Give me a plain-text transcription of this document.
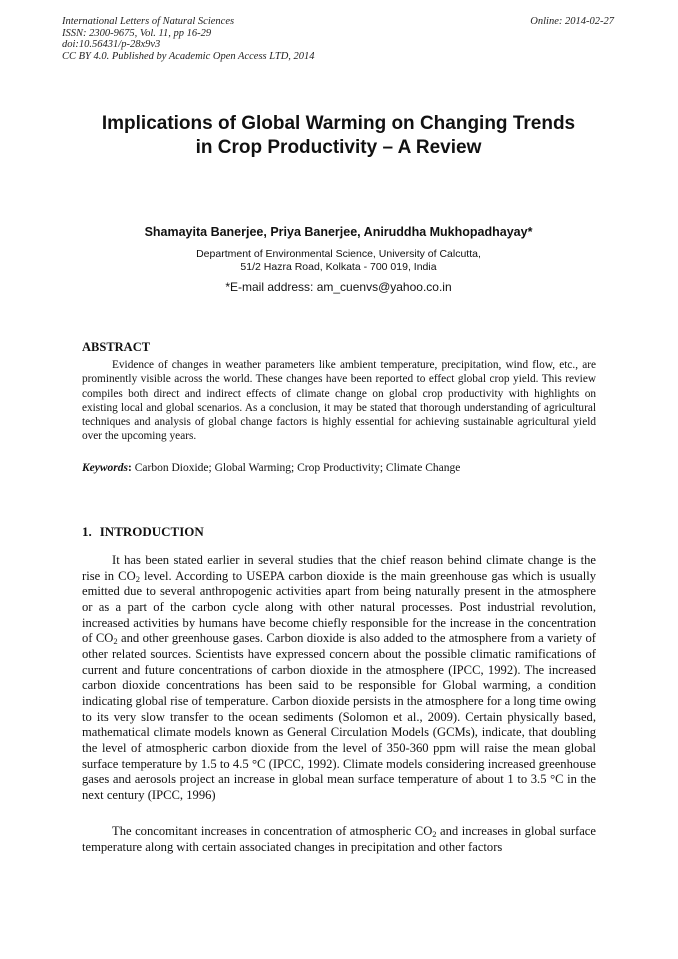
International Letters of Natural Sciences
ISSN: 2300-9675, Vol. 11, pp 16-29
doi:10.56431/p-28x9v3
CC BY 4.0. Published by Academic Open Access LTD, 2014
Online: 2014-02-27
Implications of Global Warming on Changing Trends
in Crop Productivity – A Review
Shamayita Banerjee, Priya Banerjee, Aniruddha Mukhopadhayay*
Department of Environmental Science, University of Calcutta,
51/2 Hazra Road, Kolkata - 700 019, India
*E-mail address: am_cuenvs@yahoo.co.in
ABSTRACT

Evidence of changes in weather parameters like ambient temperature, precipitation, wind flow, etc., are prominently visible across the world. These changes have been reported to effect global crop yield. This review compiles both direct and indirect effects of climate change on global crop productivity with highlights on existing local and global scenarios. As a conclusion, it may be stated that thorough understanding of agricultural techniques and analysis of global change factors is highly essential for achieving sustainable agricultural yield over the upcoming years.

Keywords: Carbon Dioxide; Global Warming; Crop Productivity; Climate Change
1. INTRODUCTION

It has been stated earlier in several studies that the chief reason behind climate change is the rise in $CO_2$ level. According to USEPA carbon dioxide is the main greenhouse gas which is usually emitted due to several anthropogenic activities apart from being naturally present in the atmosphere or as a part of the carbon cycle along with other natural processes. Post industrial revolution, increased activities by humans have become chiefly responsible for the increase in the concentration of $CO_2$ and other greenhouse gases. Carbon dioxide is also added to the atmosphere from a variety of other related sources. Scientists have expressed concern about the possible climatic ramifications of current and future concentrations of carbon dioxide in the atmosphere (IPCC, 1992). The increased carbon dioxide concentrations has been said to be responsible for Global warming, a condition indicating global rise of temperature. Carbon dioxide persists in the atmosphere for a long time owing to its very slow transfer to the ocean sediments (Solomon et al., 2009). Certain physically based, mathematical climate models known as General Circulation Models (GCMs), indicate, that doubling the level of atmospheric carbon dioxide from the level of 350-360 ppm will raise the mean global surface temperature by 1.5 to 4.5 °C (IPCC, 1992). Climate models considering increased greenhouse gases and aerosols project an increase in global mean surface temperature of about 1 to 3.5 °C in the next century (IPCC, 1996)

The concomitant increases in concentration of atmospheric $CO_2$ and increases in global surface temperature along with certain associated changes in precipitation and other factors
